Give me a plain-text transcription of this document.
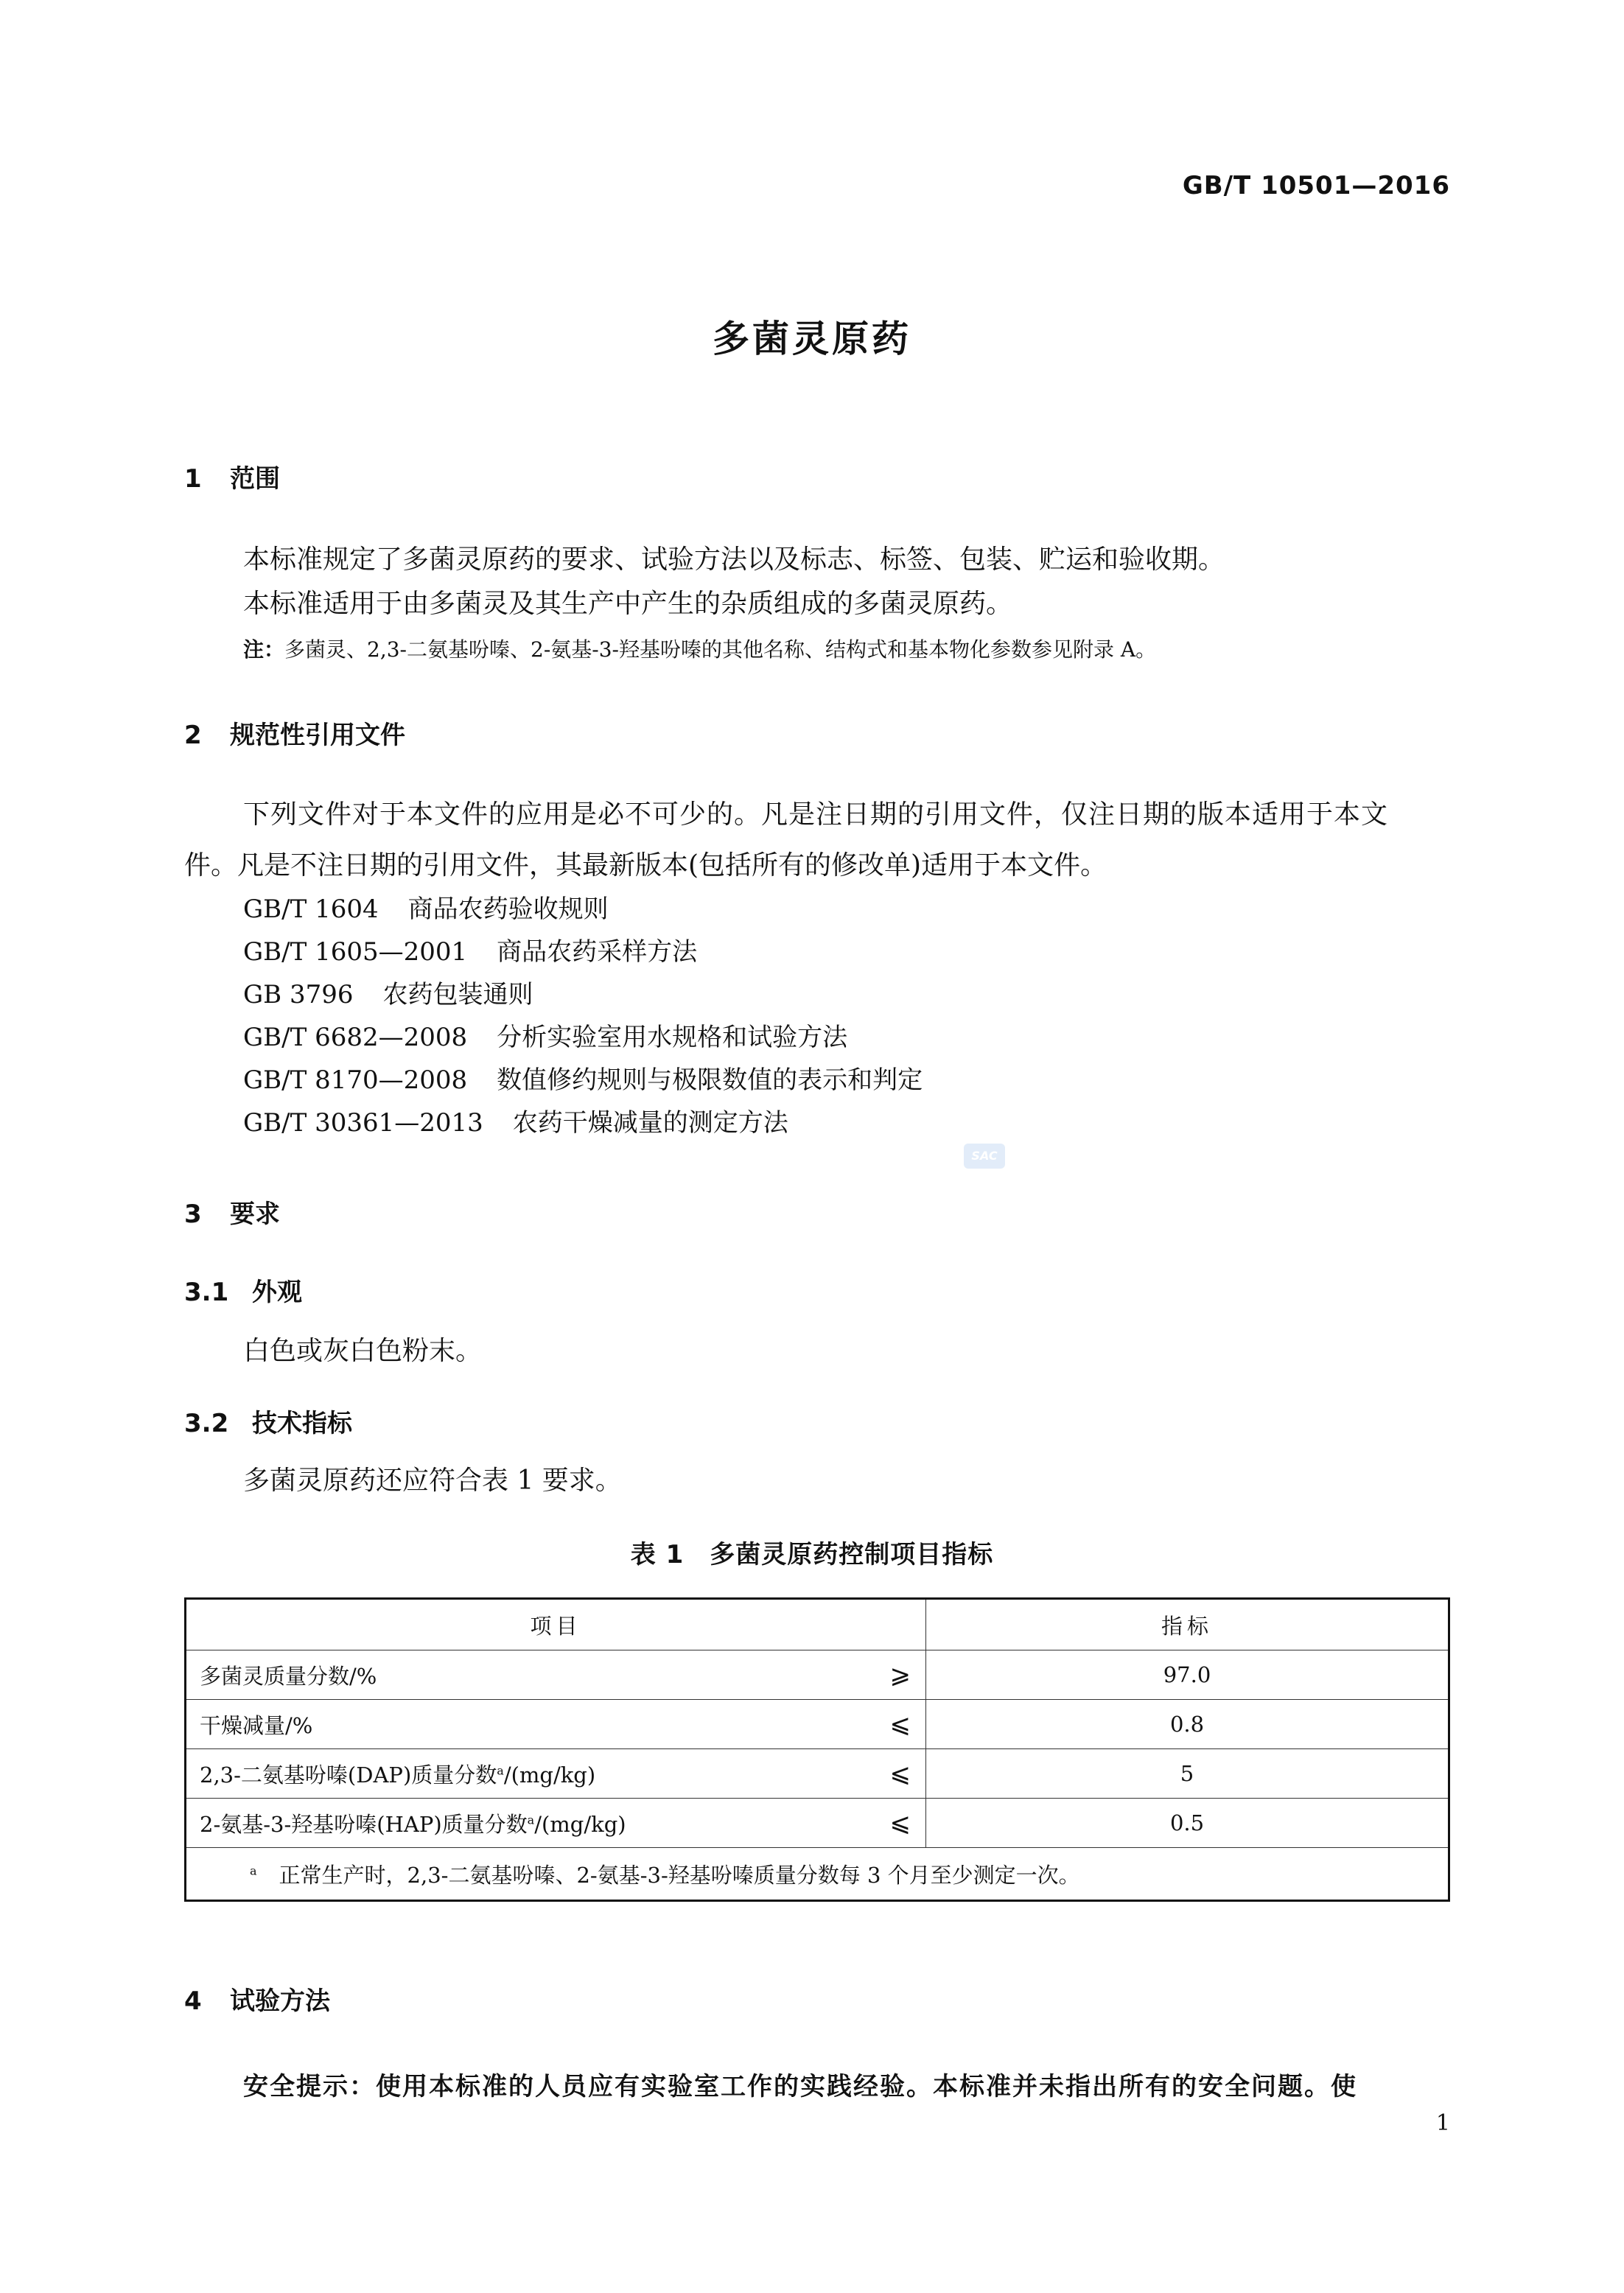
GB/T 10501—2016
多菌灵原药
1 范围
本标准规定了多菌灵原药的要求、试验方法以及标志、标签、包装、贮运和验收期。
本标准适用于由多菌灵及其生产中产生的杂质组成的多菌灵原药。
注：多菌灵、2,3-二氨基吩嗪、2-氨基-3-羟基吩嗪的其他名称、结构式和基本物化参数参见附录 A。
2 规范性引用文件
下列文件对于本文件的应用是必不可少的。凡是注日期的引用文件，仅注日期的版本适用于本文
件。凡是不注日期的引用文件，其最新版本(包括所有的修改单)适用于本文件。
GB/T 1604 商品农药验收规则
GB/T 1605—2001 商品农药采样方法
GB 3796 农药包装通则
GB/T 6682—2008 分析实验室用水规格和试验方法
GB/T 8170—2008 数值修约规则与极限数值的表示和判定
GB/T 30361—2013 农药干燥减量的测定方法
SAC
3 要求
3.1 外观
白色或灰白色粉末。
3.2 技术指标
多菌灵原药还应符合表 1 要求。
表 1　多菌灵原药控制项目指标
项目	指标
多菌灵质量分数/% ⩾	97.0
干燥减量/% ⩽	0.8
2,3-二氨基吩嗪(DAP)质量分数$^a$/(mg/kg) ⩽	5
2-氨基-3-羟基吩嗪(HAP)质量分数$^a$/(mg/kg) ⩽	0.5
$^a$ 正常生产时，2,3-二氨基吩嗪、2-氨基-3-羟基吩嗪质量分数每 3 个月至少测定一次。	
4 试验方法
安全提示：使用本标准的人员应有实验室工作的实践经验。本标准并未指出所有的安全问题。使
1
